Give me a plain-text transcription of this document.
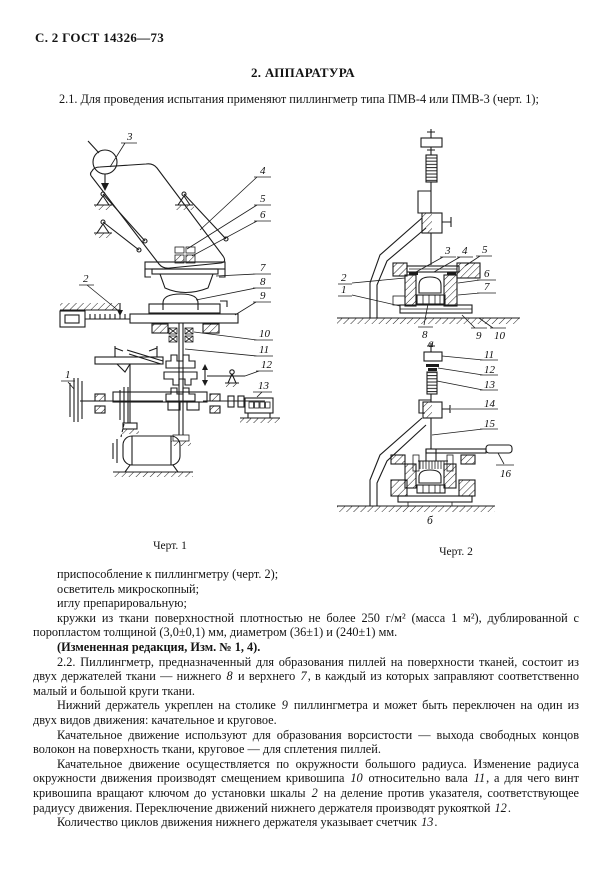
С. 2 ГОСТ 14326—73
2. АППАРАТУРА

2.1. Для проведения испытания применяют пиллингметр типа ПМВ-4 или ПМВ-3 (черт. 1);

3
4
5
6
7
8
9
10
11
12
13
1
2
3 4 5
2
1
6
7
8	9 10
а
11
12
13
14
15
16
б
Черт. 1	Черт. 2

приспособление к пиллингметру (черт. 2);

осветитель микроскопный;

иглу препарировальную;

кружки из ткани поверхностной плотностью не более 250 г/м² (масса 1 м²), дублированной с поропластом толщиной (3,0±0,1) мм, диаметром (36±1) и (240±1) мм.

(Измененная редакция, Изм. № 1, 4).

2.2. Пиллингметр, предназначенный для образования пиллей на поверхности тканей, состоит из двух держателей ткани — нижнего 8 и верхнего 7, в каждый из которых заправляют соответственно малый и большой круги ткани.

Нижний держатель укреплен на столике 9 пиллингметра и может быть переключен на один из двух видов движения: качательное и круговое.

Качательное движение используют для образования ворсистости — выхода свободных концов волокон на поверхность ткани, круговое — для сплетения пиллей.

Качательное движение осуществляется по окружности большого радиуса. Изменение радиуса окружности движения производят смещением кривошипа 10 относительно вала 11, а для чего винт кривошипа вращают ключом до установки шкалы 2 на деление против указателя, соответствующее радиусу движения. Переключение движений нижнего держателя производят рукояткой 12.

Количество циклов движения нижнего держателя указывает счетчик 13.
